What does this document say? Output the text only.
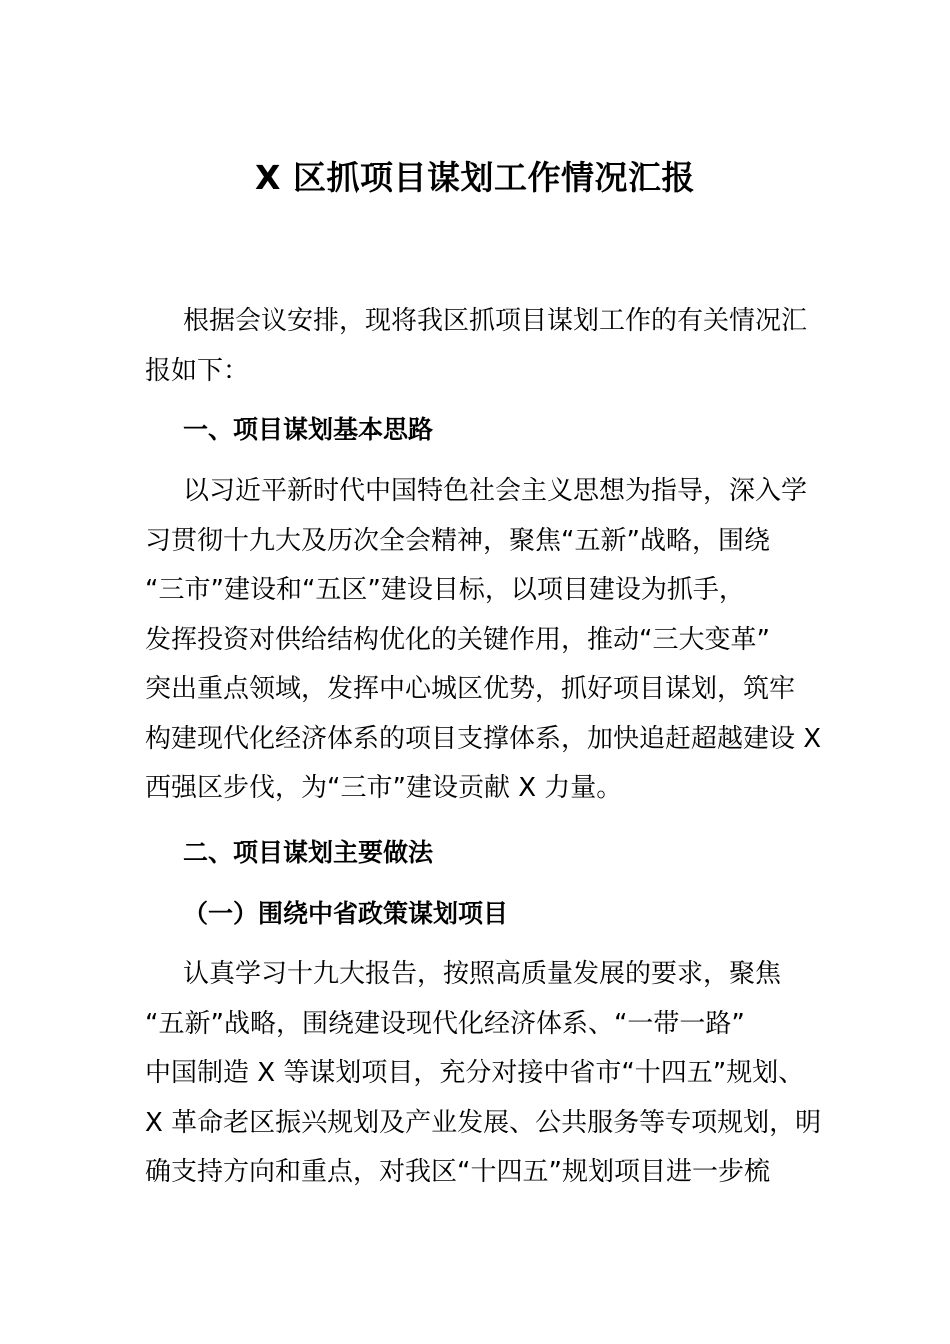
X 区抓项目谋划工作情况汇报
根据会议安排，现将我区抓项目谋划工作的有关情况汇
报如下：
一、项目谋划基本思路
以习近平新时代中国特色社会主义思想为指导，深入学
习贯彻十九大及历次全会精神，聚焦“五新”战略，围绕
“三市”建设和“五区”建设目标，以项目建设为抓手，
发挥投资对供给结构优化的关键作用，推动“三大变革”
突出重点领域，发挥中心城区优势，抓好项目谋划，筑牢
构建现代化经济体系的项目支撑体系，加快追赶超越建设 X
西强区步伐，为“三市”建设贡献 X 力量。
二、项目谋划主要做法
（一）围绕中省政策谋划项目
认真学习十九大报告，按照高质量发展的要求，聚焦
“五新”战略，围绕建设现代化经济体系、“一带一路”
中国制造 X 等谋划项目，充分对接中省市“十四五”规划、
X 革命老区振兴规划及产业发展、公共服务等专项规划，明
确支持方向和重点，对我区“十四五”规划项目进一步梳
